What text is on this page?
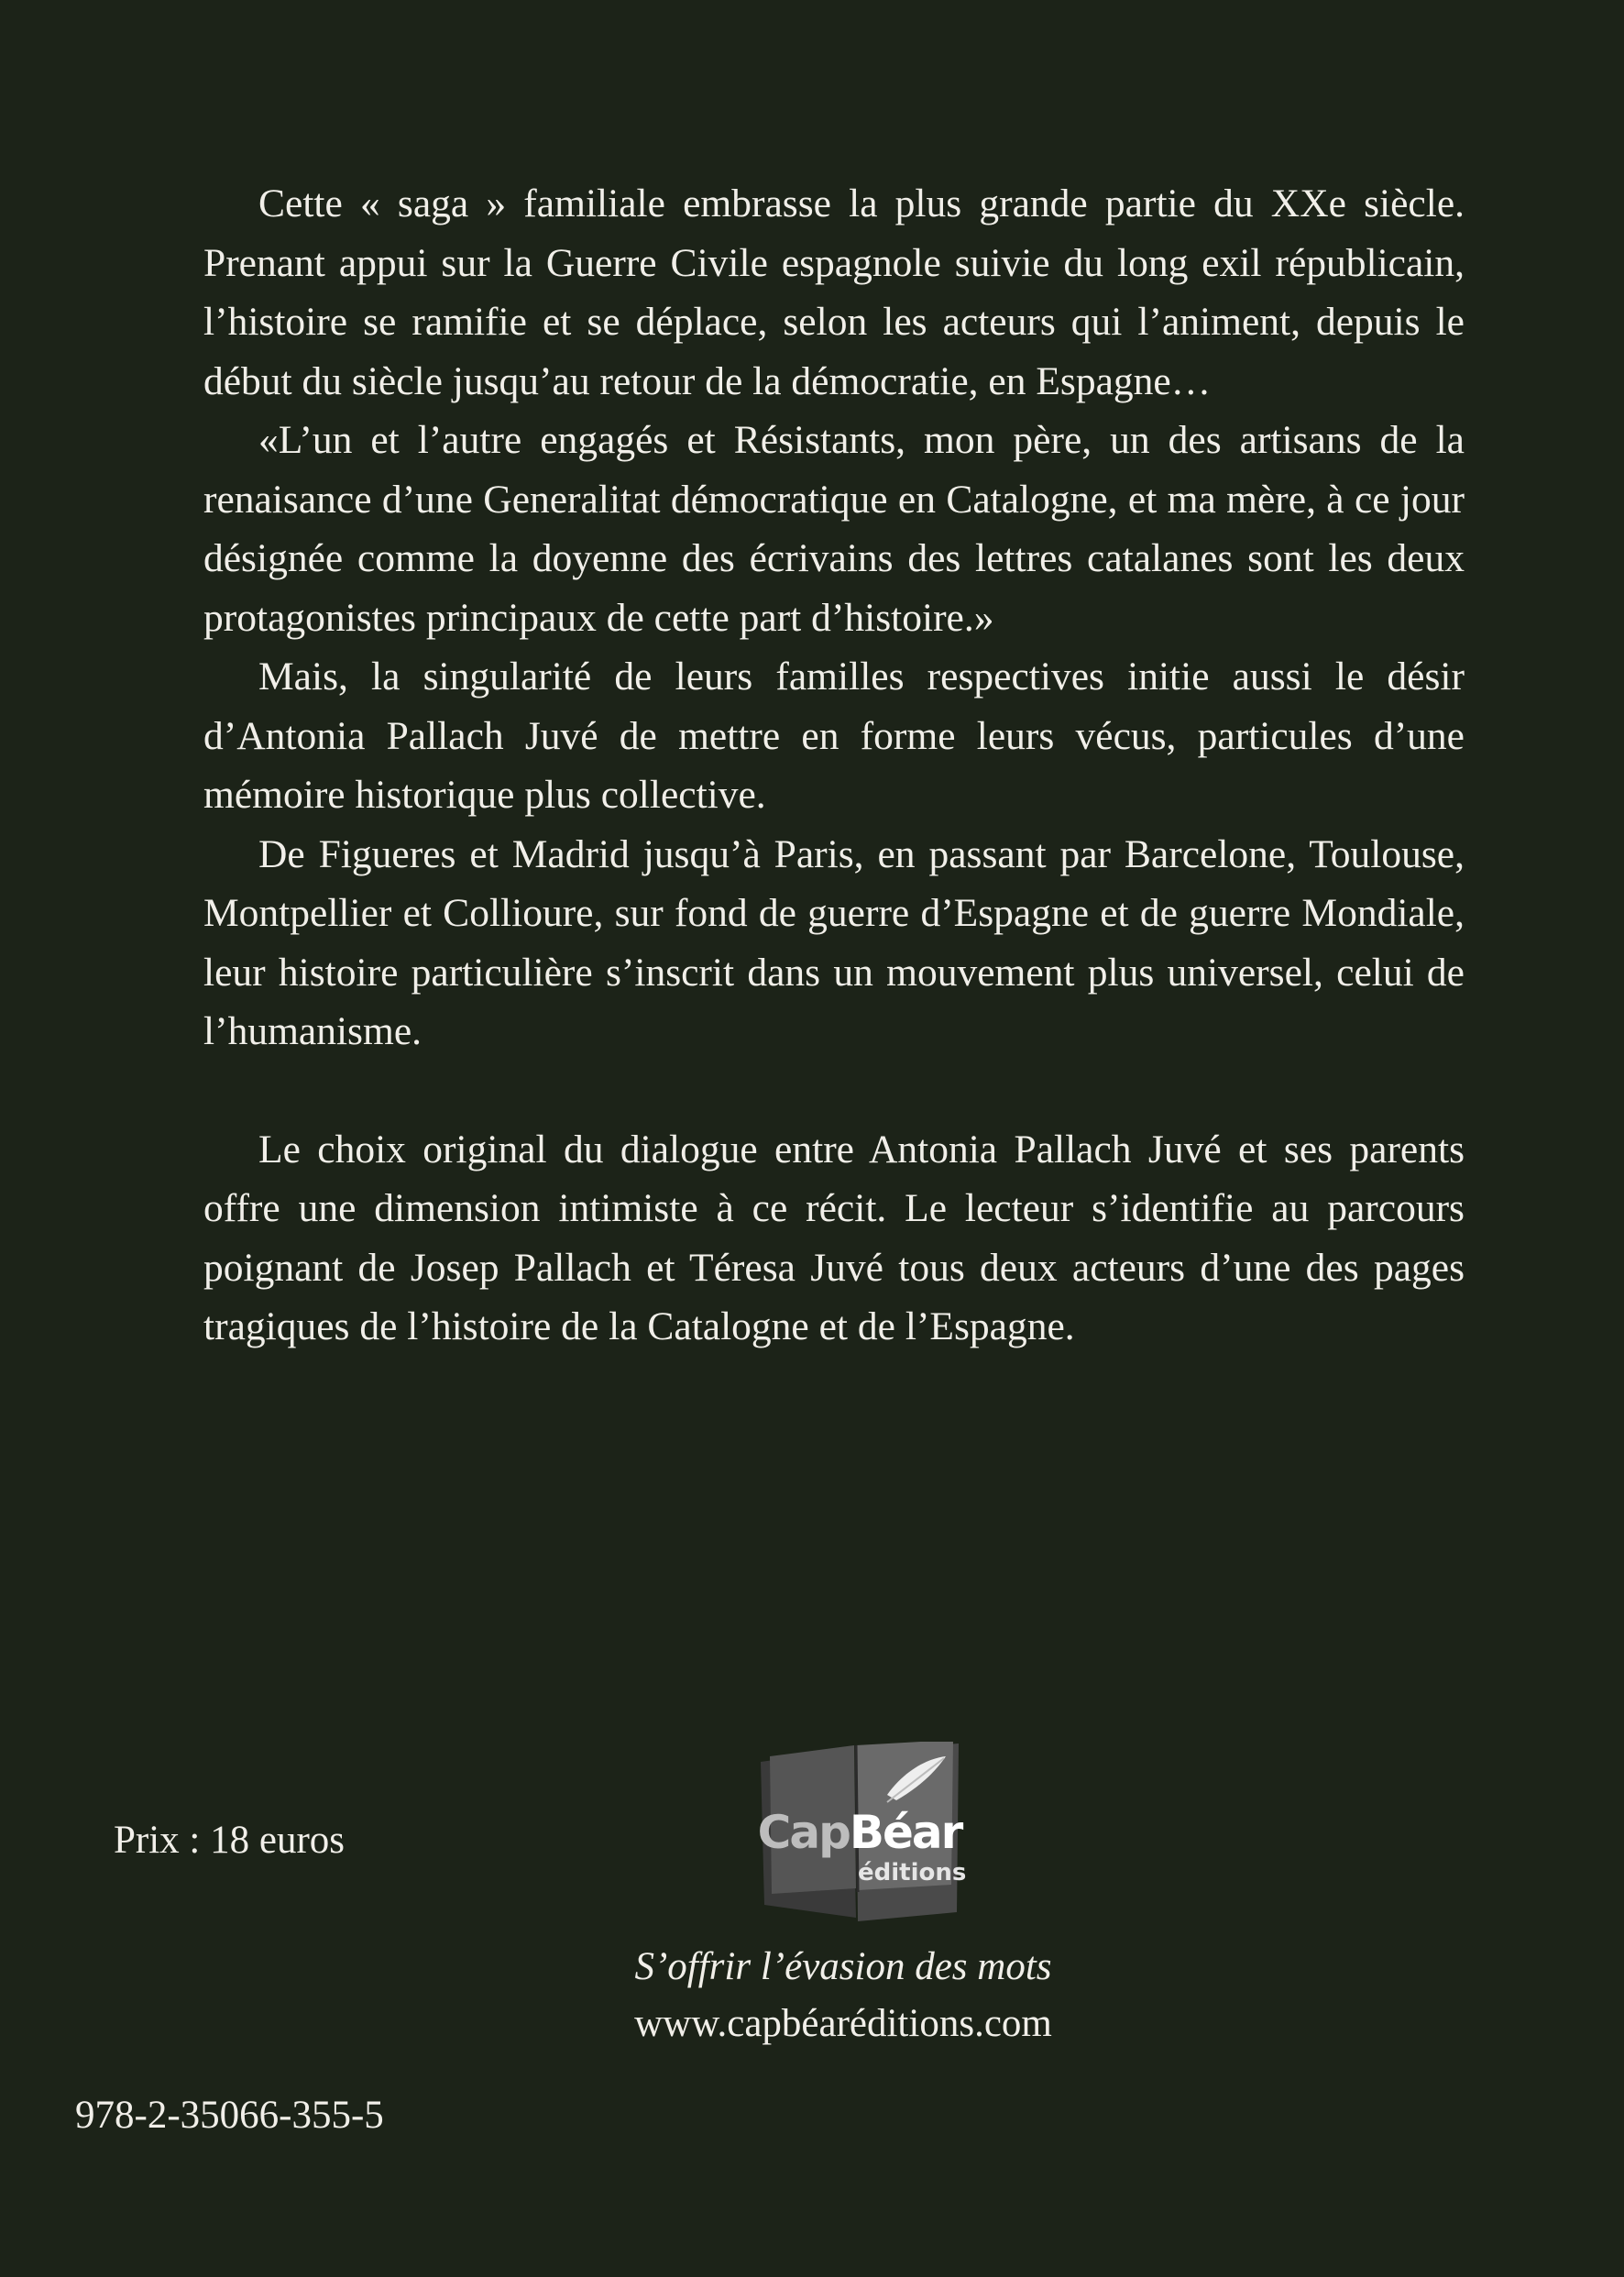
Cette « saga » familiale embrasse la plus grande partie du XXe siècle. Prenant appui sur la Guerre Civile espagnole suivie du long exil républicain, l’histoire se ramifie et se déplace, selon les acteurs qui l’animent, depuis le début du siècle jusqu’au retour de la démocratie, en Espagne…

«L’un et l’autre engagés et Résistants, mon père, un des artisans de la renaisance d’une Generalitat démocratique en Catalogne, et ma mère, à ce jour désignée comme la doyenne des écrivains des lettres catalanes sont les deux protagonistes principaux de cette part d’histoire.»

Mais, la singularité de leurs familles respectives initie aussi le désir d’Antonia Pallach Juvé de mettre en forme leurs vécus, particules d’une mémoire historique plus collective.

De Figueres et Madrid jusqu’à Paris, en passant par Barcelone, Toulouse, Montpellier et Collioure, sur fond de guerre d’Espagne et de guerre Mondiale, leur histoire particulière s’inscrit dans un mouvement plus universel, celui de l’humanisme.

Le choix original du dialogue entre Antonia Pallach Juvé et ses parents offre une dimension intimiste à ce récit. Le lecteur s’identifie au parcours poignant de Josep Pallach et Téresa Juvé tous deux acteurs d’une des pages tragiques de l’histoire de la Catalogne et de l’Espagne.

Prix : 18 euros	CapBéar
éditions
S’offrir l’évasion des mots
www.capbéaréditions.com
978-2-35066-355-5
